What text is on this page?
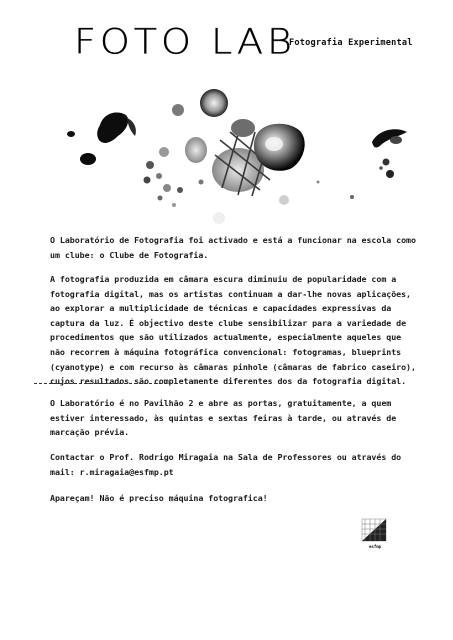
FOTO LAB
Fotografia Experimental

O Laboratório de Fotografia foi activado e está a funcionar na escola como um clube: o Clube de Fotografia.

A fotografia produzida em câmara escura diminuiu de popularidade com a fotografia digital, mas os artistas continuam a dar-lhe novas aplicações, ao explorar a multiplicidade de técnicas e capacidades expressivas da captura da luz. É objectivo deste clube sensibilizar para a variedade de procedimentos que são utilizados actualmente, especialmente aqueles que não recorrem à máquina fotográfica convencional: fotogramas, blueprints (cyanotype) e com recurso às câmaras pinhole (câmaras de fabrico caseiro), cujos resultados são completamente diferentes dos da fotografia digital.

O Laboratório é no Pavilhão 2 e abre as portas, gratuitamente, a quem estiver interessado, às quintas e sextas feiras à tarde, ou através de marcação prévia.

Contactar o Prof. Rodrigo Miragaia na Sala de Professores ou através do mail: r.miragaia@esfmp.pt

Apareçam! Não é preciso máquina fotografica!

esfmp
